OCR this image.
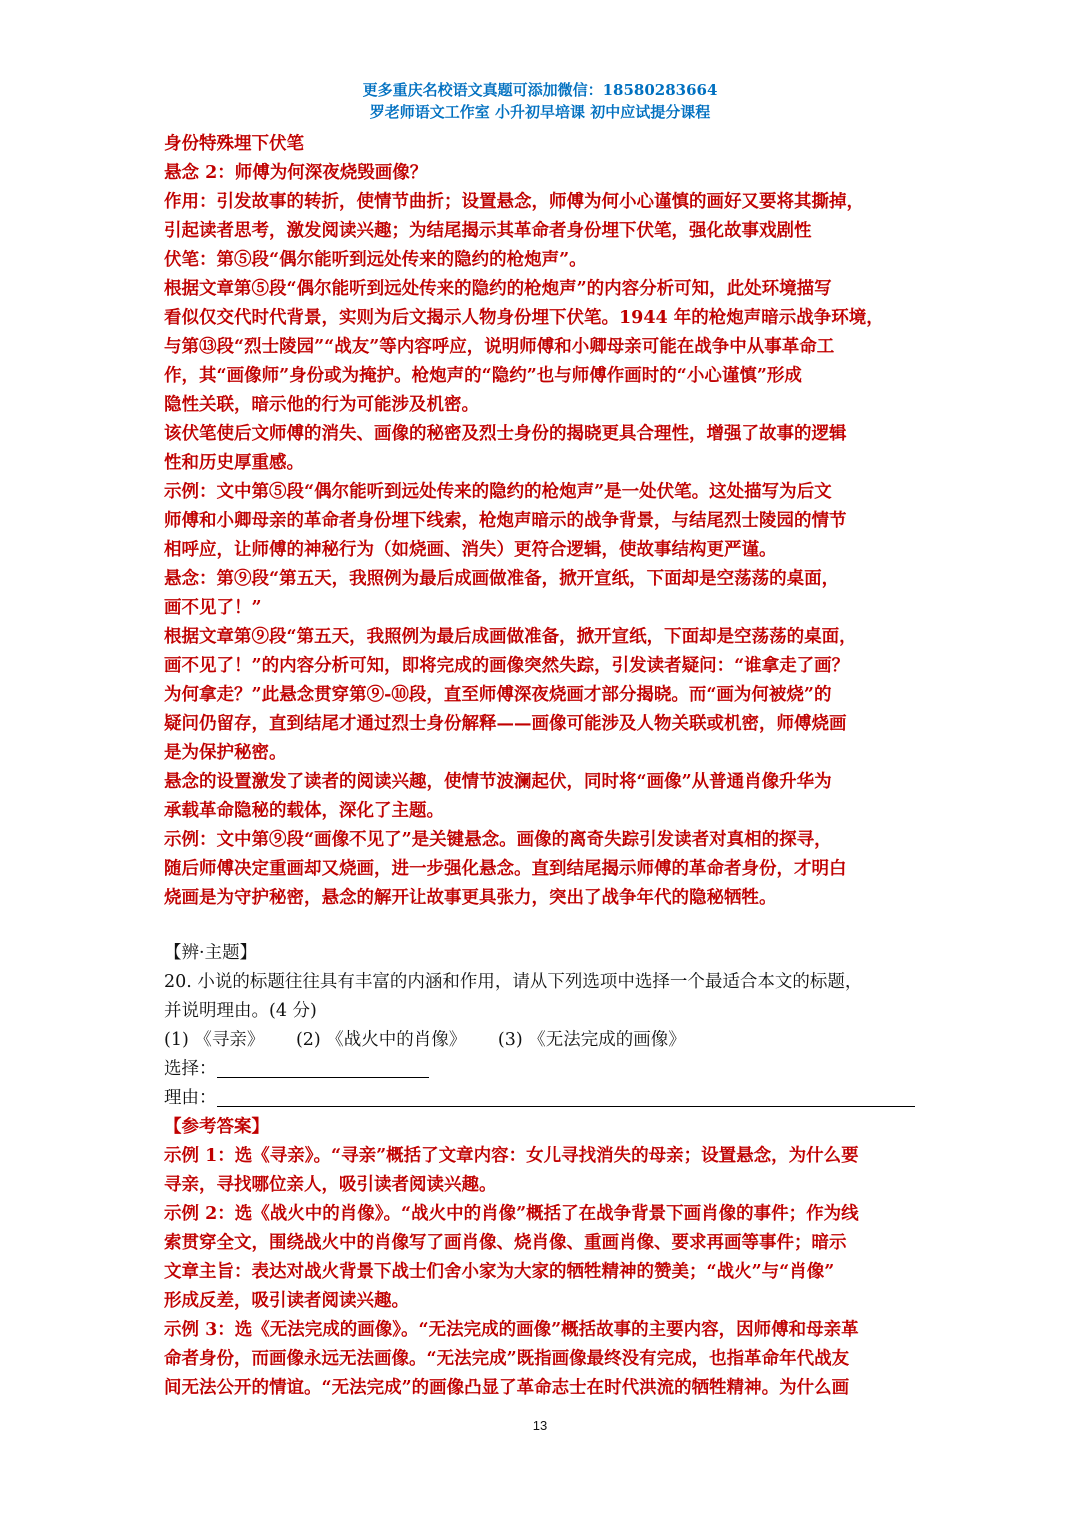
更多重庆名校语文真题可添加微信：18580283664
罗老师语文工作室 小升初早培课 初中应试提分课程
身份特殊埋下伏笔
悬念 2：师傅为何深夜烧毁画像？
作用：引发故事的转折，使情节曲折；设置悬念，师傅为何小心谨慎的画好又要将其撕掉，
引起读者思考，激发阅读兴趣；为结尾揭示其革命者身份埋下伏笔，强化故事戏剧性
伏笔：第⑤段“偶尔能听到远处传来的隐约的枪炮声”。
根据文章第⑤段“偶尔能听到远处传来的隐约的枪炮声”的内容分析可知，此处环境描写
看似仅交代时代背景，实则为后文揭示人物身份埋下伏笔。1944 年的枪炮声暗示战争环境，
与第⑬段“烈士陵园”“战友”等内容呼应，说明师傅和小卿母亲可能在战争中从事革命工
作，其“画像师”身份或为掩护。枪炮声的“隐约”也与师傅作画时的“小心谨慎”形成
隐性关联，暗示他的行为可能涉及机密。
该伏笔使后文师傅的消失、画像的秘密及烈士身份的揭晓更具合理性，增强了故事的逻辑
性和历史厚重感。
示例：文中第⑤段“偶尔能听到远处传来的隐约的枪炮声”是一处伏笔。这处描写为后文
师傅和小卿母亲的革命者身份埋下线索，枪炮声暗示的战争背景，与结尾烈士陵园的情节
相呼应，让师傅的神秘行为（如烧画、消失）更符合逻辑，使故事结构更严谨。
悬念：第⑨段“第五天，我照例为最后成画做准备，掀开宣纸，下面却是空荡荡的桌面，
画不见了！”
根据文章第⑨段“第五天，我照例为最后成画做准备，掀开宣纸，下面却是空荡荡的桌面，
画不见了！”的内容分析可知，即将完成的画像突然失踪，引发读者疑问：“谁拿走了画？
为何拿走？”此悬念贯穿第⑨-⑩段，直至师傅深夜烧画才部分揭晓。而“画为何被烧”的
疑问仍留存，直到结尾才通过烈士身份解释——画像可能涉及人物关联或机密，师傅烧画
是为保护秘密。
悬念的设置激发了读者的阅读兴趣，使情节波澜起伏，同时将“画像”从普通肖像升华为
承载革命隐秘的载体，深化了主题。
示例：文中第⑨段“画像不见了”是关键悬念。画像的离奇失踪引发读者对真相的探寻，
随后师傅决定重画却又烧画，进一步强化悬念。直到结尾揭示师傅的革命者身份，才明白
烧画是为守护秘密，悬念的解开让故事更具张力，突出了战争年代的隐秘牺牲。
【辨·主题】
20. 小说的标题往往具有丰富的内涵和作用，请从下列选项中选择一个最适合本文的标题，
并说明理由。(4 分)
(1) 《寻亲》 (2) 《战火中的肖像》 (3) 《无法完成的画像》
选择：
理由：
【参考答案】
示例 1：选《寻亲》。“寻亲”概括了文章内容：女儿寻找消失的母亲；设置悬念，为什么要
寻亲，寻找哪位亲人，吸引读者阅读兴趣。
示例 2：选《战火中的肖像》。“战火中的肖像”概括了在战争背景下画肖像的事件；作为线
索贯穿全文，围绕战火中的肖像写了画肖像、烧肖像、重画肖像、要求再画等事件；暗示
文章主旨：表达对战火背景下战士们舍小家为大家的牺牲精神的赞美；“战火”与“肖像”
形成反差，吸引读者阅读兴趣。
示例 3：选《无法完成的画像》。“无法完成的画像”概括故事的主要内容，因师傅和母亲革
命者身份，而画像永远无法画像。“无法完成”既指画像最终没有完成，也指革命年代战友
间无法公开的情谊。“无法完成”的画像凸显了革命志士在时代洪流的牺牲精神。为什么画
13
